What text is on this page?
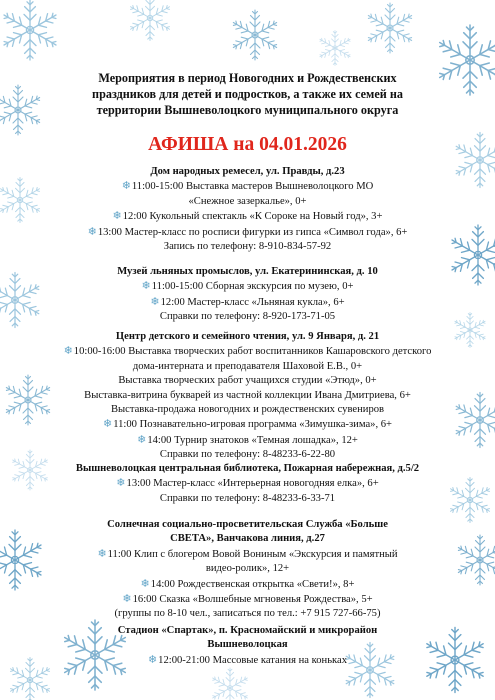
Мероприятия в период Новогодних и Рождественских
праздников для детей и подростков, а также их семей на
территории Вышневолоцкого муниципального округа
АФИША на 04.01.2026
Дом народных ремесел, ул. Правды, д.23
❄11:00-15:00 Выставка мастеров Вышневолоцкого МО
«Снежное зазеркалье», 0+
❄12:00 Кукольный спектакль «К Сороке на Новый год», 3+
❄13:00 Мастер-класс по росписи фигурки из гипса «Символ года», 6+
Запись по телефону: 8-910-834-57-92
Музей льняных промыслов, ул. Екатерининская, д. 10
❄11:00-15:00 Сборная экскурсия по музею, 0+
❄12:00 Мастер-класс «Льняная кукла», 6+
Справки по телефону: 8-920-173-71-05
Центр детского и семейного чтения, ул. 9 Января, д. 21
❄10:00-16:00 Выставка творческих работ воспитанников Кашаровского детского
дома-интерната и преподавателя Шаховой Е.В., 0+
Выставка творческих работ учащихся студии «Этюд», 0+
Выставка-витрина букварей из частной коллекции Ивана Дмитриева, 6+
Выставка-продажа новогодних и рождественских сувениров
❄11:00 Познавательно-игровая программа «Зимушка-зима», 6+
❄14:00 Турнир знатоков «Темная лошадка», 12+
Справки по телефону: 8-48233-6-22-80
Вышневолоцкая центральная библиотека, Пожарная набережная, д.5/2
❄13:00 Мастер-класс «Интерьерная новогодняя елка», 6+
Справки по телефону: 8-48233-6-33-71
Солнечная социально-просветительская Служба «Больше
СВЕТА», Ванчакова линия, д.27
❄11:00 Клип с блогером Вовой Вониным «Экскурсия и памятный
видео-ролик», 12+
❄14:00 Рождественская открытка «Свети!», 8+
❄16:00 Сказка «Волшебные мгновенья Рождества», 5+
(группы по 8-10 чел., записаться по тел.: +7 915 727-66-75)
Стадион «Спартак», п. Красномайский и микрорайон
Вышневолоцкая
❄12:00-21:00 Массовые катания на коньках
